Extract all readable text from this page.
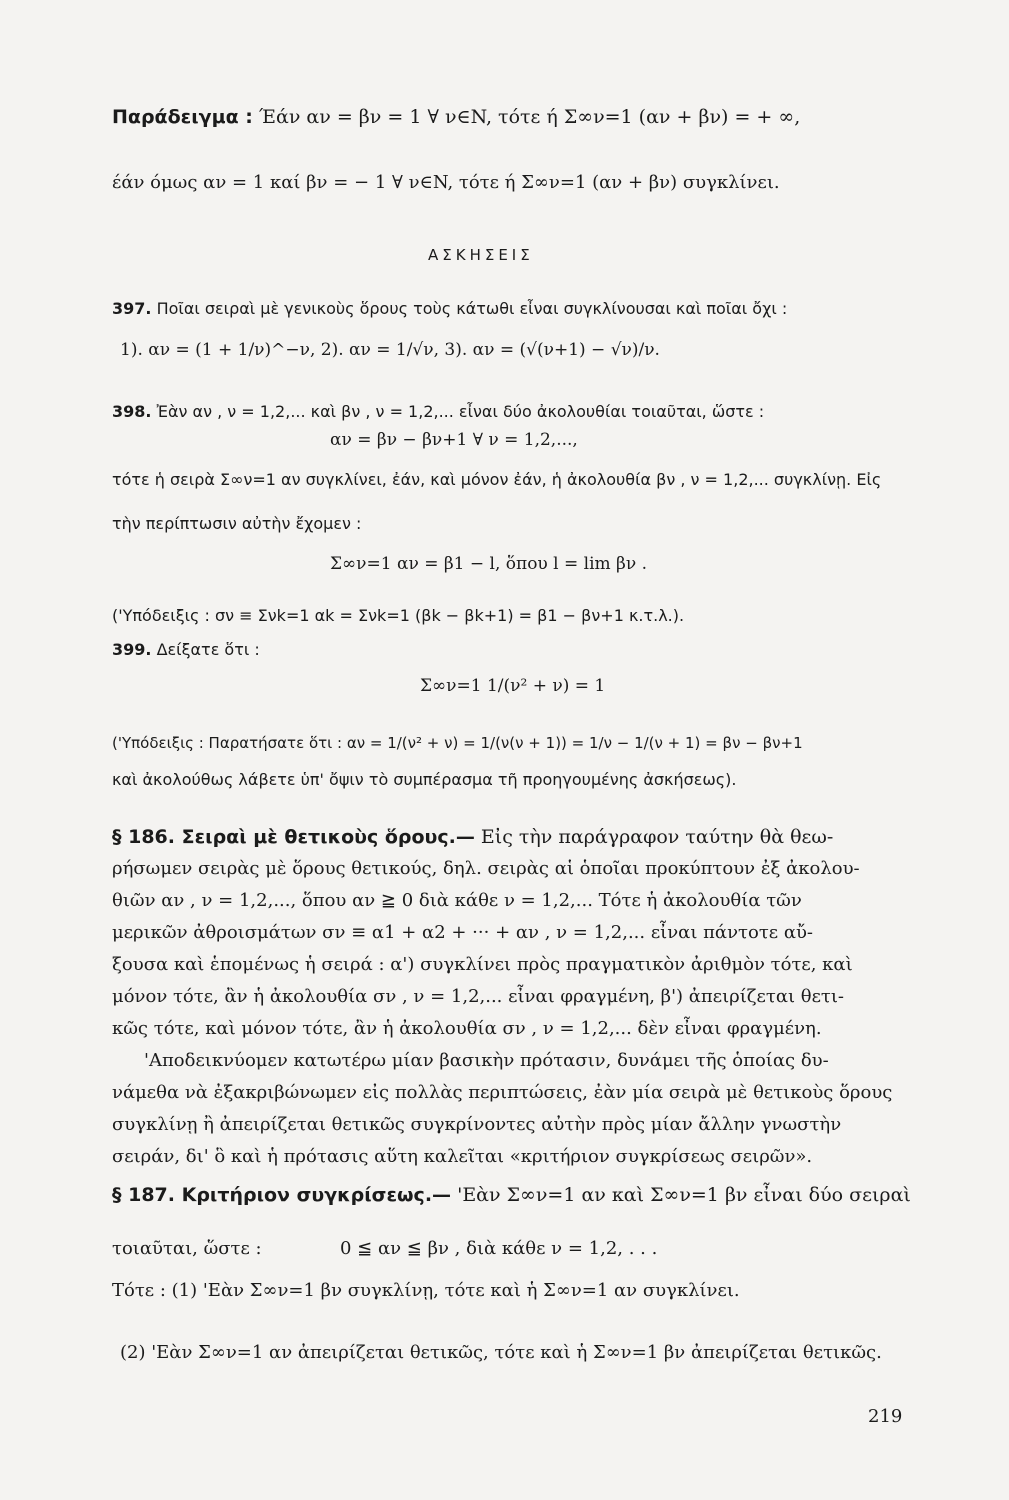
Παράδειγμα : Έάν αν = βν = 1 ∀ ν∈N, τότε ή Σ∞ν=1 (αν + βν) = + ∞,
έάν όμως αν = 1 καί βν = − 1 ∀ ν∈N, τότε ή Σ∞ν=1 (αν + βν) συγκλίνει.
ΑΣΚΗΣΕΙΣ
397. Ποῖαι σειραὶ μὲ γενικοὺς ὅρους τοὺς κάτωθι εἶναι συγκλίνουσαι καὶ ποῖαι ὄχι :
1). αν = (1 + 1/ν)^−ν, 2). αν = 1/√ν, 3). αν = (√(ν+1) − √ν)/ν.
398. Ἐὰν αν , ν = 1,2,... καὶ βν , ν = 1,2,... εἶναι δύο ἀκολουθίαι τοιαῦται, ὥστε :
αν = βν − βν+1 ∀ ν = 1,2,...,
τότε ἡ σειρὰ Σ∞ν=1 αν συγκλίνει, ἐάν, καὶ μόνον ἐάν, ἡ ἀκολουθία βν , ν = 1,2,... συγκλίνῃ. Εἰς
τὴν περίπτωσιν αὐτὴν ἔχομεν :
Σ∞ν=1 αν = β1 − l, ὅπου l = lim βν .
('Υπόδειξις : σν ≡ Σνk=1 αk = Σνk=1 (βk − βk+1) = β1 − βν+1 κ.τ.λ.).
399. Δείξατε ὅτι :
Σ∞ν=1 1/(ν² + ν) = 1
('Υπόδειξις : Παρατήσατε ὅτι : αν = 1/(ν² + ν) = 1/(ν(ν + 1)) = 1/ν − 1/(ν + 1) = βν − βν+1
καὶ ἀκολούθως λάβετε ὑπ' ὄψιν τὸ συμπέρασμα τῆ προηγουμένης ἀσκήσεως).
§ 186. Σειραὶ μὲ θετικοὺς ὅρους.— Εἰς τὴν παράγραφον ταύτην θὰ θεω-
ρήσωμεν σειρὰς μὲ ὅρους θετικούς, δηλ. σειρὰς αἱ ὁποῖαι προκύπτουν ἐξ ἀκολου-
θιῶν αν , ν = 1,2,..., ὅπου αν ≧ 0 διὰ κάθε ν = 1,2,... Τότε ἡ ἀκολουθία τῶν
μερικῶν ἀθροισμάτων σν ≡ α1 + α2 + ··· + αν , ν = 1,2,... εἶναι πάντοτε αὔ-
ξουσα καὶ ἑπομένως ἡ σειρά : α') συγκλίνει πρὸς πραγματικὸν ἀριθμὸν τότε, καὶ
μόνον τότε, ἂν ἡ ἀκολουθία σν , ν = 1,2,... εἶναι φραγμένη, β') ἀπειρίζεται θετι-
κῶς τότε, καὶ μόνον τότε, ἂν ἡ ἀκολουθία σν , ν = 1,2,... δὲν εἶναι φραγμένη.
'Αποδεικνύομεν κατωτέρω μίαν βασικὴν πρότασιν, δυνάμει τῆς ὁποίας δυ-
νάμεθα νὰ ἐξακριβώνωμεν εἰς πολλὰς περιπτώσεις, ἐὰν μία σειρὰ μὲ θετικοὺς ὅρους
συγκλίνῃ ἢ ἀπειρίζεται θετικῶς συγκρίνοντες αὐτὴν πρὸς μίαν ἄλλην γνωστὴν
σειράν, δι' ὃ καὶ ἡ πρότασις αὕτη καλεῖται «κριτήριον συγκρίσεως σειρῶν».
§ 187. Κριτήριον συγκρίσεως.— 'Εὰν Σ∞ν=1 αν καὶ Σ∞ν=1 βν εἶναι δύο σειραὶ
τοιαῦται, ὥστε :	0 ≦ αν ≦ βν , διὰ κάθε ν = 1,2, . . .
Τότε : (1) 'Εὰν Σ∞ν=1 βν συγκλίνῃ, τότε καὶ ἡ Σ∞ν=1 αν συγκλίνει.
(2) 'Εὰν Σ∞ν=1 αν ἀπειρίζεται θετικῶς, τότε καὶ ἡ Σ∞ν=1 βν ἀπειρίζεται θετικῶς.
219
